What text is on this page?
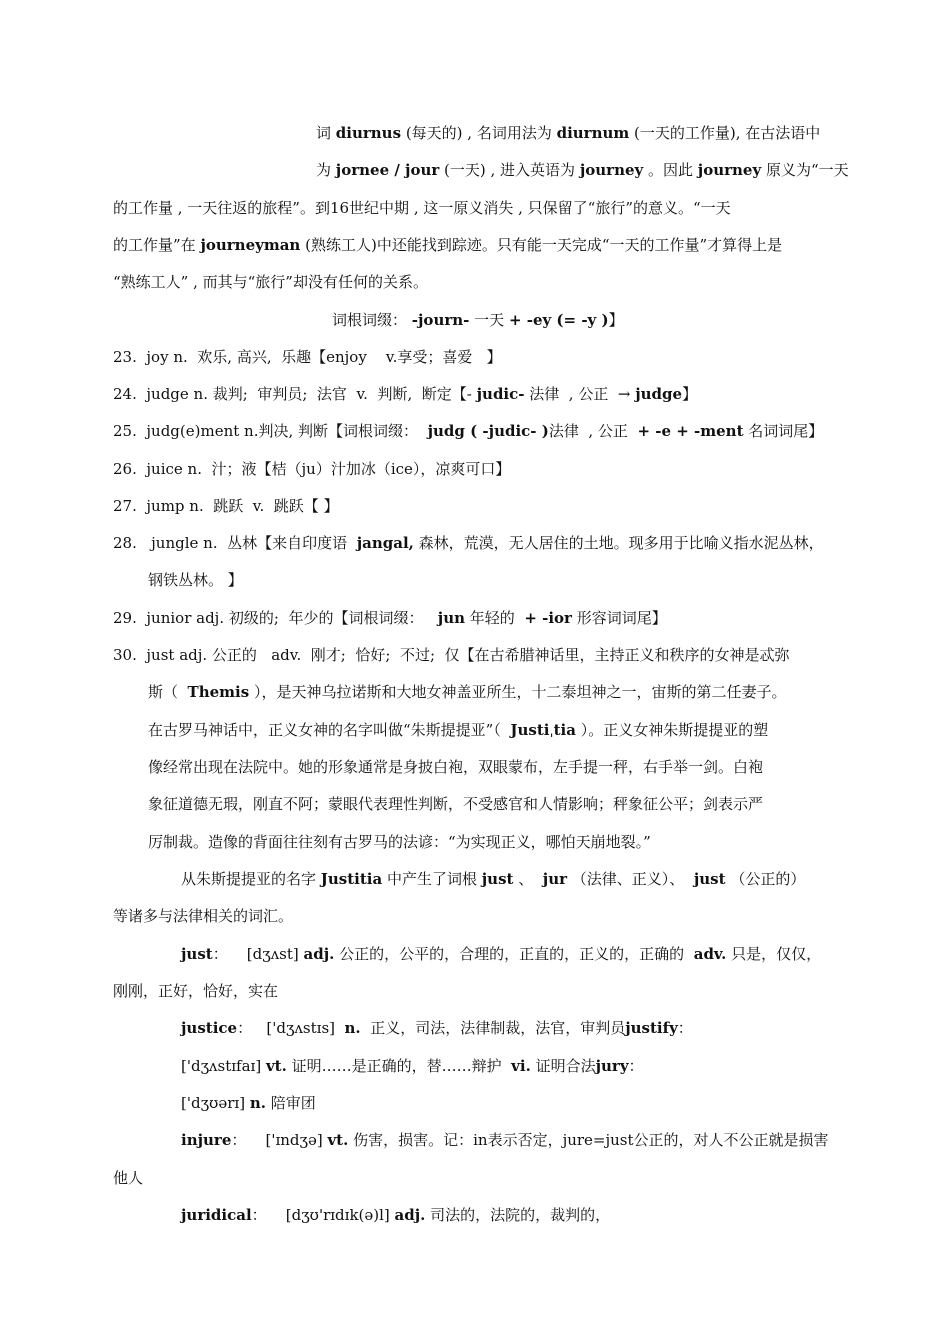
词 diurnus (每天的) , 名词用法为 diurnum (一天的工作量), 在古法语中
为 jornee / jour (一天) , 进入英语为 journey 。因此 journey 原义为“一天
的工作量 , 一天往返的旅程”。到16世纪中期 , 这一原义消失 , 只保留了“旅行”的意义。“一天
的工作量”在 journeyman (熟练工人)中还能找到踪迹。只有能一天完成“一天的工作量”才算得上是
“熟练工人” , 而其与“旅行”却没有任何的关系。
词根词缀： -journ- 一天 + -ey (= -y )】
23.  joy n.  欢乐, 高兴,  乐趣【enjoy    v.享受；喜爱   】
24.  judge n. 裁判;  审判员;  法官  v.  判断,  断定【- judic- 法律  , 公正  → judge】
25.  judg(e)ment n.判决, 判断【词根词缀：  judg ( -judic- )法律  , 公正  + -e + -ment 名词词尾】
26.  juice n.  汁；液【桔（ju）汁加冰（ice），凉爽可口】
27.  jump n.  跳跃  v.  跳跃【 】
28.   jungle n.  丛林【来自印度语  jangal, 森林，荒漠，无人居住的土地。现多用于比喻义指水泥丛林，
钢铁丛林。 】
29.  junior adj. 初级的;  年少的【词根词缀：   jun 年轻的  + -ior 形容词词尾】
30.  just adj. 公正的   adv.  刚才;  恰好;  不过;  仅【在古希腊神话里，主持正义和秩序的女神是忒弥
斯（  Themis ），是天神乌拉诺斯和大地女神盖亚所生，十二泰坦神之一，宙斯的第二任妻子。
在古罗马神话中，正义女神的名字叫做“朱斯提提亚”（  Justiˌtia ）。正义女神朱斯提提亚的塑
像经常出现在法院中。她的形象通常是身披白袍，双眼蒙布，左手提一秤，右手举一剑。白袍
象征道德无瑕，刚直不阿；蒙眼代表理性判断，不受感官和人情影响；秤象征公平；剑表示严
厉制裁。造像的背面往往刻有古罗马的法谚：“为实现正义，哪怕天崩地裂。”
从朱斯提提亚的名字 Justitia 中产生了词根 just 、  jur （法律、正义）、  just （公正的）
等诸多与法律相关的词汇。
just：    [dʒʌst] adj. 公正的，公平的，合理的，正直的，正义的，正确的  adv. 只是，仅仅，
刚刚，正好，恰好，实在
justice：   ['dʒʌstɪs]  n.  正义，司法，法律制裁，法官，审判员justify：
['dʒʌstɪfaɪ] vt. 证明……是正确的，替……辩护  vi. 证明合法jury：
['dʒʊərɪ] n. 陪审团
injure：    ['ɪndʒə] vt. 伤害，损害。记：in表示否定，jure=just公正的，对人不公正就是损害
他人
juridical：    [dʒʊ'rɪdɪk(ə)l] adj. 司法的，法院的，裁判的，
